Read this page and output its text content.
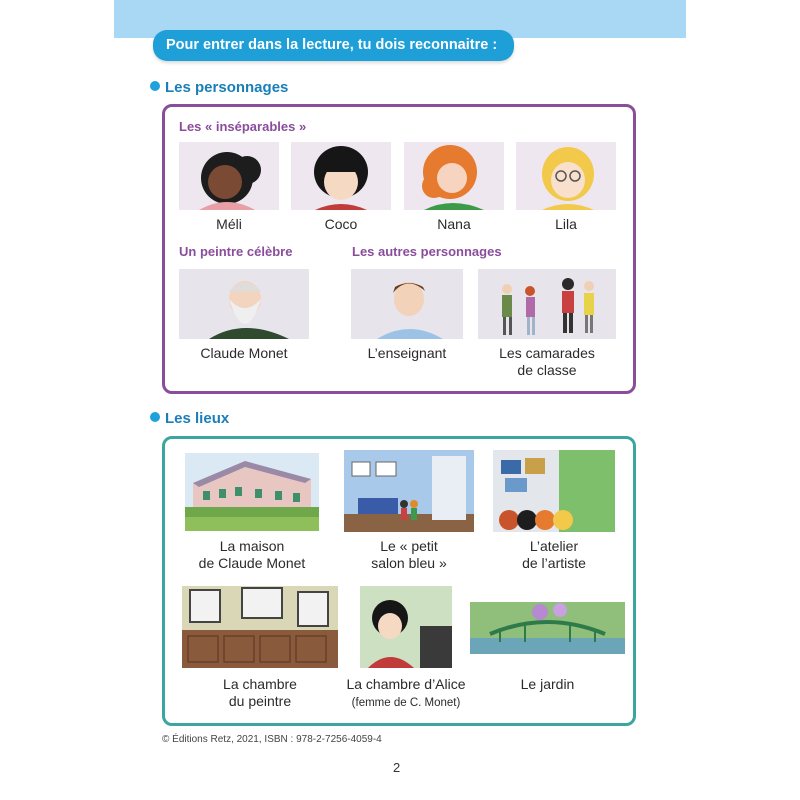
Pour entrer dans la lecture, tu dois reconnaitre :
Les personnages
Les « inséparables »
Méli	Coco	Nana	Lila
Un peintre célèbre	Les autres personnages
Claude Monet	L’enseignant	Les camarades
de classe
Les lieux
La maison
de Claude Monet
Le « petit
salon bleu »
L’atelier
de l’artiste
La chambre
du peintre
La chambre d’Alice
(femme de C. Monet)
Le jardin
© Éditions Retz, 2021, ISBN : 978-2-7256-4059-4
2
